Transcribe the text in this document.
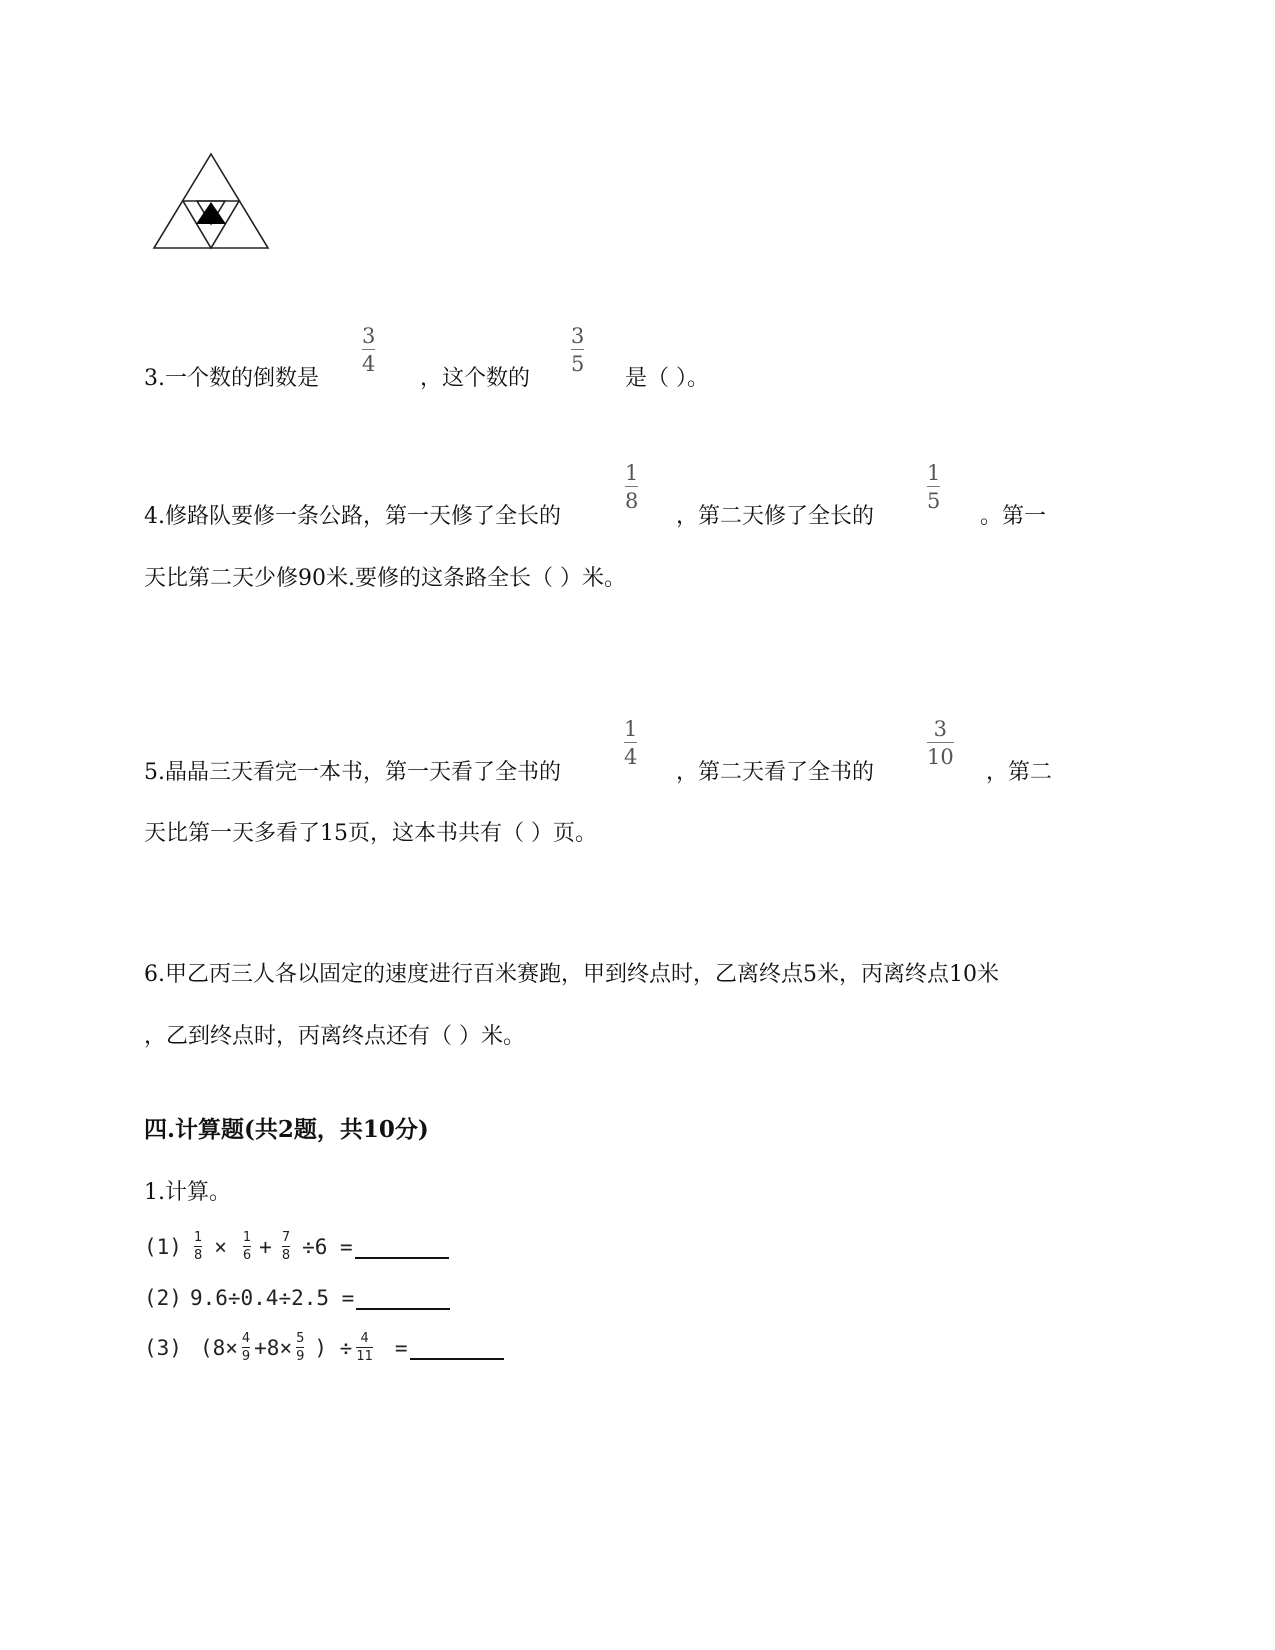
3.一个数的倒数是
3
4
，这个数的
3
5
是（ ）。
4.修路队要修一条公路，第一天修了全长的
1
8
，第二天修了全长的
1
5
。第一
天比第二天少修90米.要修的这条路全长（ ）米。
5.晶晶三天看完一本书，第一天看了全书的
1
4
，第二天看了全书的
3
10
，第二
天比第一天多看了15页，这本书共有（ ）页。
6.甲乙丙三人各以固定的速度进行百米赛跑，甲到终点时，乙离终点5米，丙离终点10米
，乙到终点时，丙离终点还有（ ）米。
四.计算题(共2题，共10分)
1.计算。
(1) 1
8 × 1
6 + 7
8 ÷6 =
(2) 9.6÷0.4÷2.5 =
(3) (8× 4
9 +8× 5
9 ) ÷ 4
11 =
